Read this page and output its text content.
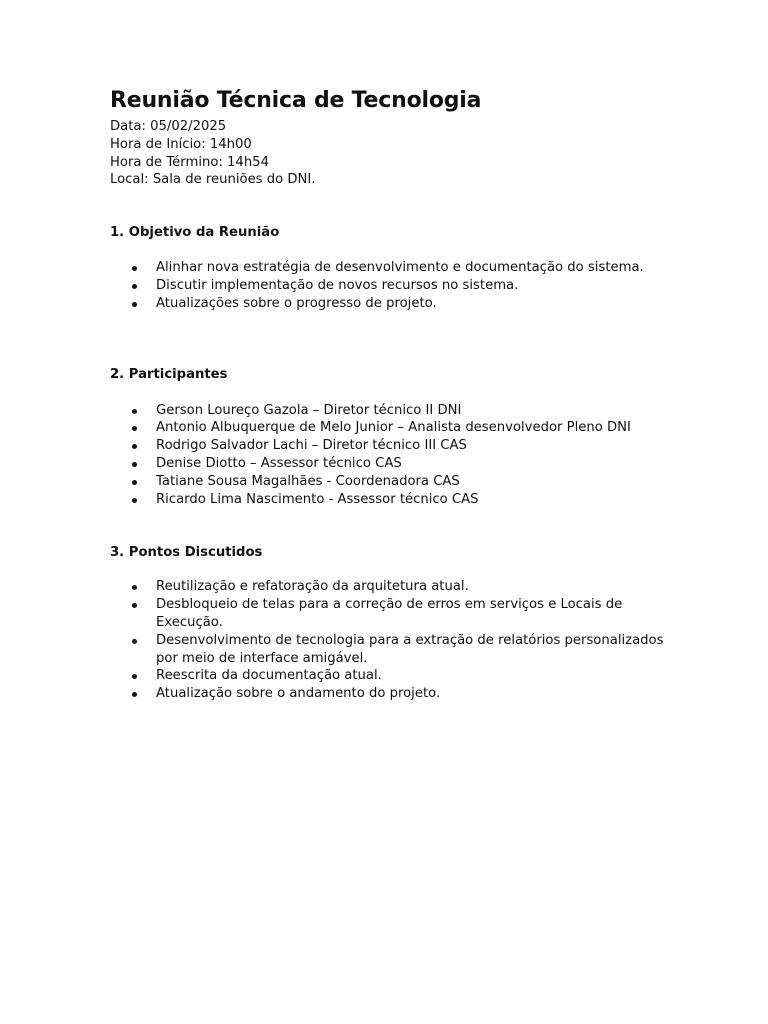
Reunião Técnica de Tecnologia

Data: 05/02/2025

Hora de Início: 14h00

Hora de Término: 14h54

Local: Sala de reuniões do DNI.

1. Objetivo da Reunião
Alinhar nova estratégia de desenvolvimento e documentação do sistema.
Discutir implementação de novos recursos no sistema.
Atualizações sobre o progresso de projeto.
2. Participantes
Gerson Loureço Gazola – Diretor técnico II DNI
Antonio Albuquerque de Melo Junior – Analista desenvolvedor Pleno DNI
Rodrigo Salvador Lachi – Diretor técnico III CAS
Denise Diotto – Assessor técnico CAS
Tatiane Sousa Magalhães - Coordenadora CAS
Ricardo Lima Nascimento - Assessor técnico CAS
3. Pontos Discutidos
Reutilização e refatoração da arquitetura atual.
Desbloqueio de telas para a correção de erros em serviços e Locais de Execução.
Desenvolvimento de tecnologia para a extração de relatórios personalizados por meio de interface amigável.
Reescrita da documentação atual.
Atualização sobre o andamento do projeto.
